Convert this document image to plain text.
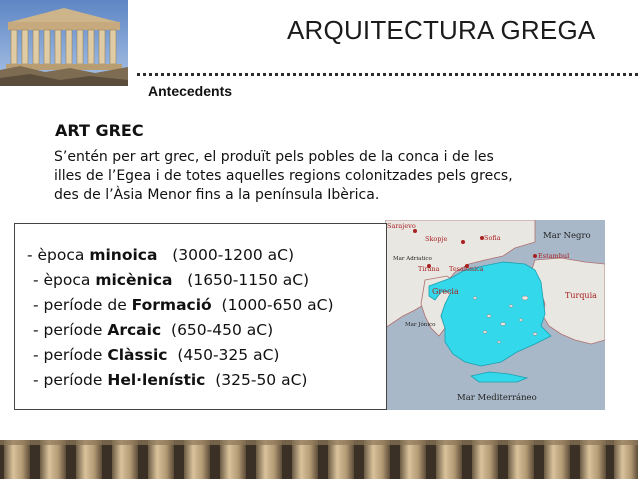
ARQUITECTURA GREGA
Antecedents
ART GREC
S’entén per art grec, el produït pels pobles de la conca i de les
illes de l’Egea i de totes aquelles regions colonitzades pels grecs,
des de l’Àsia Menor fins a la península Ibèrica.
Sarajevo
Sofia	Mar Negro
Skopje
Mar Adriatico
Tirana Tesalónica
Estambul
Grecia	Turquia
Mar Jónico
Mar Mediterráneo
- època minoica (3000-1200 aC)
- època micènica (1650-1150 aC)
- període de Formació (1000-650 aC)
- període Arcaic (650-450 aC)
- període Clàssic (450-325 aC)
- període Hel·lenístic (325-50 aC)
